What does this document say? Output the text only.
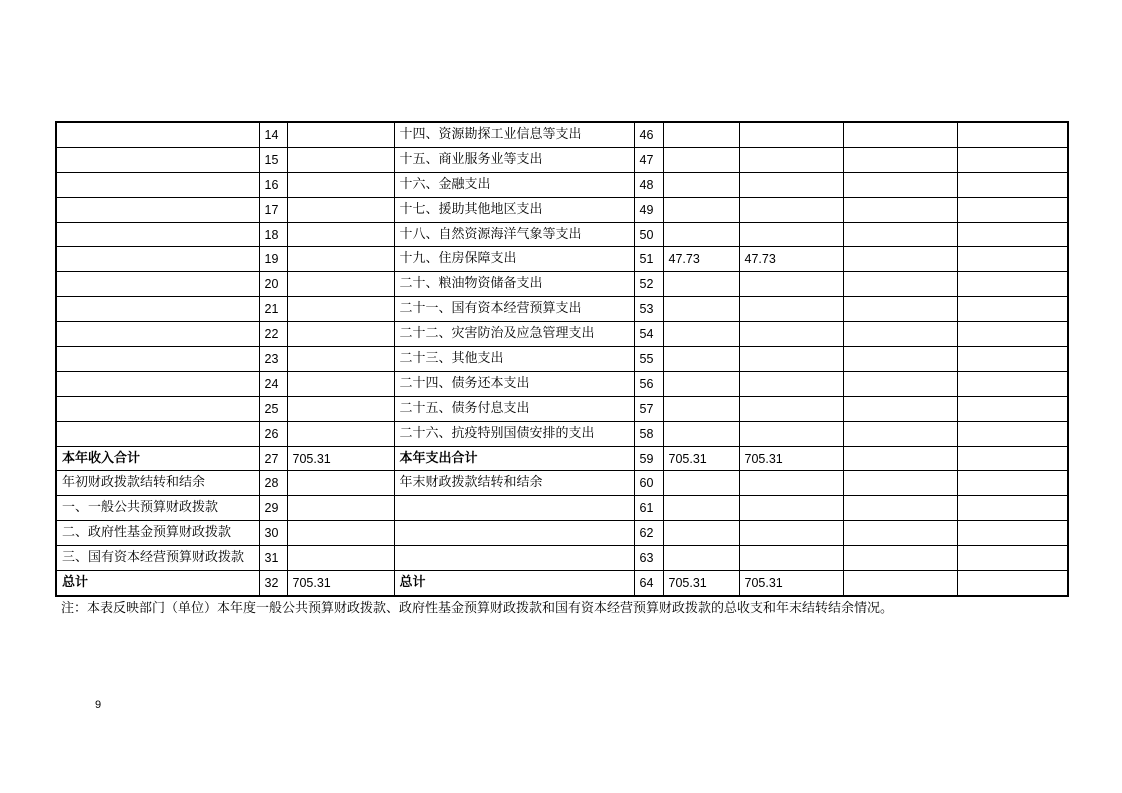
	14		十四、资源勘探工业信息等支出	46				
	15		十五、商业服务业等支出	47				
	16		十六、金融支出	48				
	17		十七、援助其他地区支出	49				
	18		十八、自然资源海洋气象等支出	50				
	19		十九、住房保障支出	51	47.73	47.73		
	20		二十、粮油物资储备支出	52				
	21		二十一、国有资本经营预算支出	53				
	22		二十二、灾害防治及应急管理支出	54				
	23		二十三、其他支出	55				
	24		二十四、债务还本支出	56				
	25		二十五、债务付息支出	57				
	26		二十六、抗疫特别国债安排的支出	58				
本年收入合计	27	705.31	本年支出合计	59	705.31	705.31		
年初财政拨款结转和结余	28		年末财政拨款结转和结余	60				
一、一般公共预算财政拨款	29			61				
二、政府性基金预算财政拨款	30			62				
三、国有资本经营预算财政拨款	31			63				
总计	32	705.31	总计	64	705.31	705.31		
注：本表反映部门（单位）本年度一般公共预算财政拨款、政府性基金预算财政拨款和国有资本经营预算财政拨款的总收支和年末结转结余情况。
9
